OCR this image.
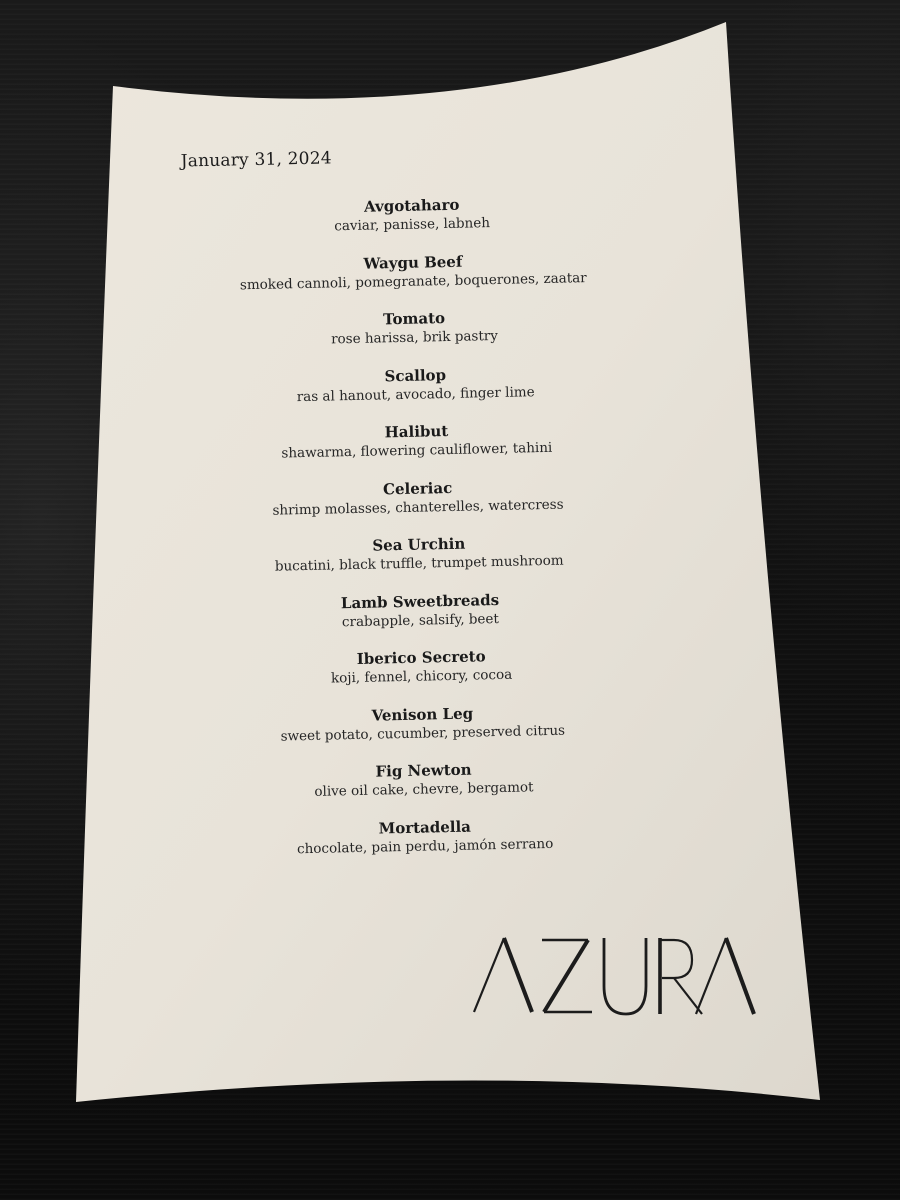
January 31, 2024
Avgotaharo
caviar, panisse, labneh
Waygu Beef
smoked cannoli, pomegranate, boquerones, zaatar
Tomato
rose harissa, brik pastry
Scallop
ras al hanout, avocado, finger lime
Halibut
shawarma, flowering cauliflower, tahini
Celeriac
shrimp molasses, chanterelles, watercress
Sea Urchin
bucatini, black truffle, trumpet mushroom
Lamb Sweetbreads
crabapple, salsify, beet
Iberico Secreto
koji, fennel, chicory, cocoa
Venison Leg
sweet potato, cucumber, preserved citrus
Fig Newton
olive oil cake, chevre, bergamot
Mortadella
chocolate, pain perdu, jamón serrano
